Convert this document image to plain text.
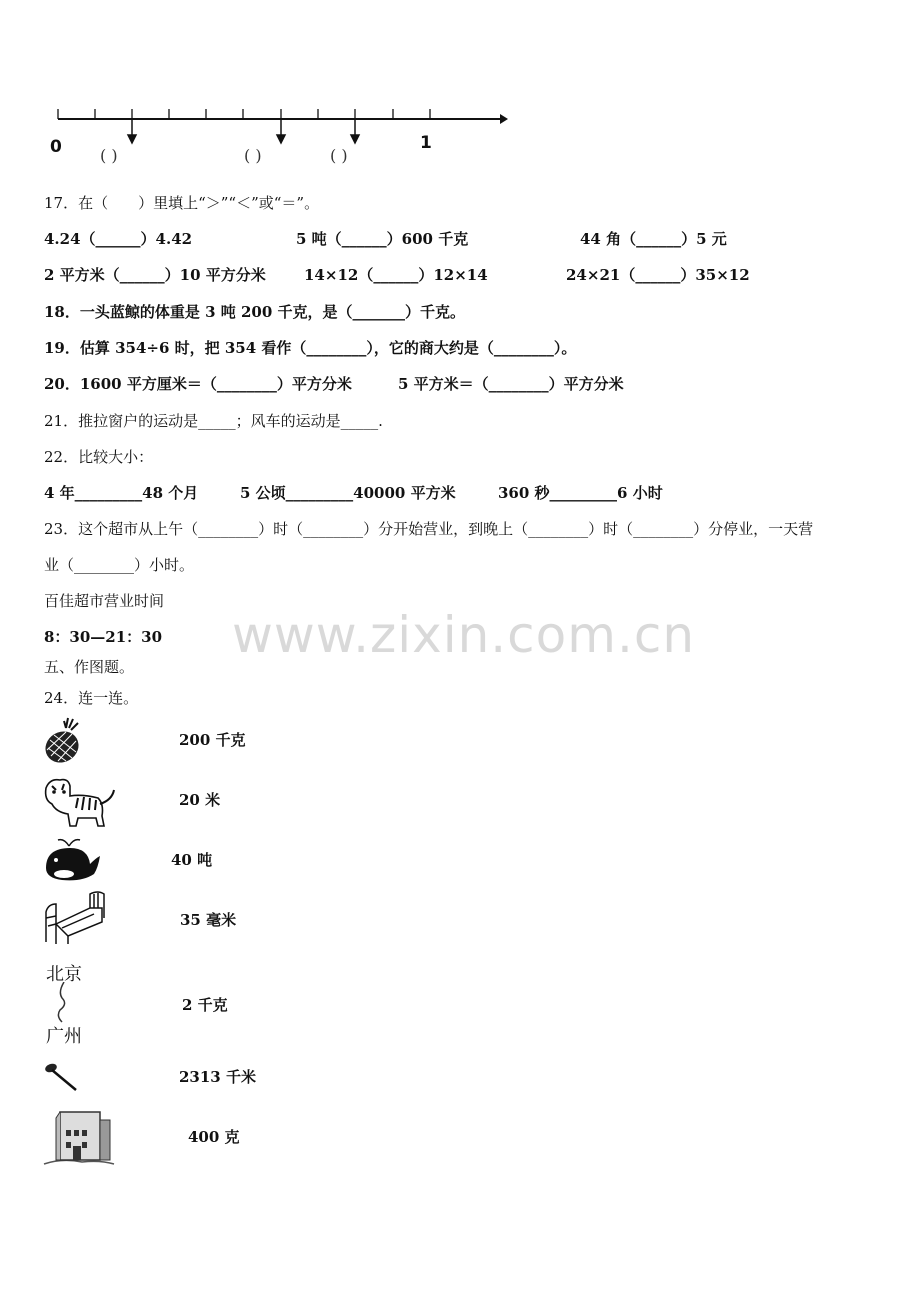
0	1
( )	( )	( )
17．在（　　）里填上“＞”“＜”或“＝”。
4.24（______）4.42	5 吨（______）600 千克	44 角（______）5 元
2 平方米（______）10 平方分米	14×12（______）12×14	24×21（______）35×12
18．一头蓝鲸的体重是 3 吨 200 千克，是（_______）千克。
19．估算 354÷6 时，把 354 看作（________），它的商大约是（________）。
20．1600 平方厘米＝（________）平方分米	5 平方米＝（________）平方分米
21．推拉窗户的运动是_____；风车的运动是_____.
22．比较大小：
4 年_________48 个月	5 公顷_________40000 平方米	360 秒_________6 小时
23．这个超市从上午（________）时（________）分开始营业，到晚上（________）时（________）分停业，一天营
业（________）小时。
百佳超市营业时间
8：30—21：30 www.zixin.com.cn
五、作图题。
24．连一连。
北京
广州
200 千克
20 米
40 吨
35 毫米
2 千克
2313 千米
400 克
